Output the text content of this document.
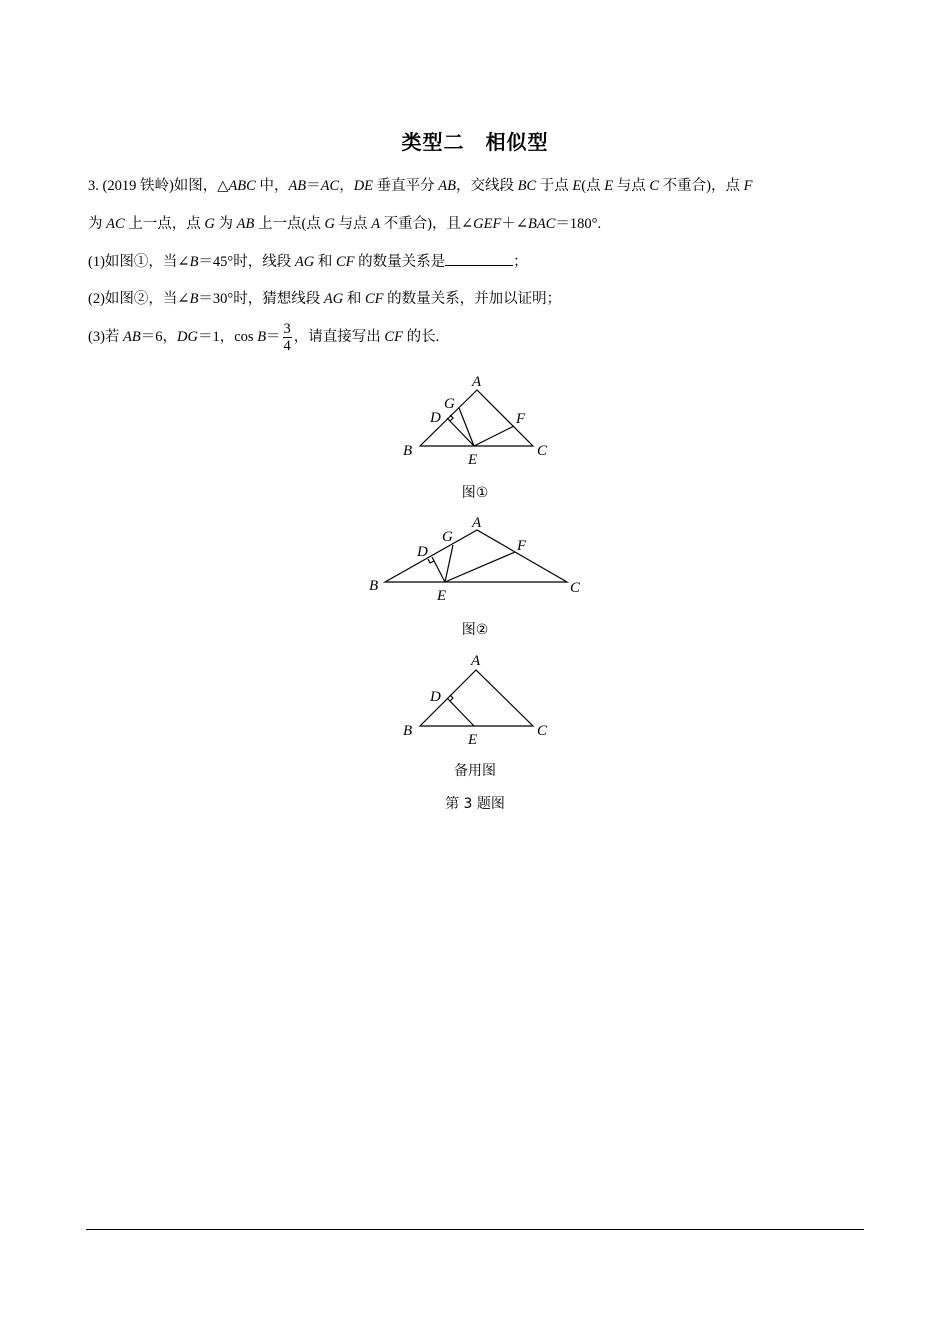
类型二　相似型
3. (2019 铁岭)如图，△ABC 中，AB＝AC，DE 垂直平分 AB，交线段 BC 于点 E(点 E 与点 C 不重合)，点 F
为 AC 上一点，点 G 为 AB 上一点(点 G 与点 A 不重合)，且∠GEF＋∠BAC＝180°.
(1)如图①，当∠B＝45°时，线段 AG 和 CF 的数量关系是	；
(2)如图②，当∠B＝30°时，猜想线段 AG 和 CF 的数量关系，并加以证明；
(3)若 AB＝6，DG＝1，$\cos B= \frac{3}{4}$ ，请直接写出 CF 的长.
A
B	C
D
E
F
G
A
B	C
D
E
F
G
A
B	C
D
E
图①
图②
备用图
第 3 题图
